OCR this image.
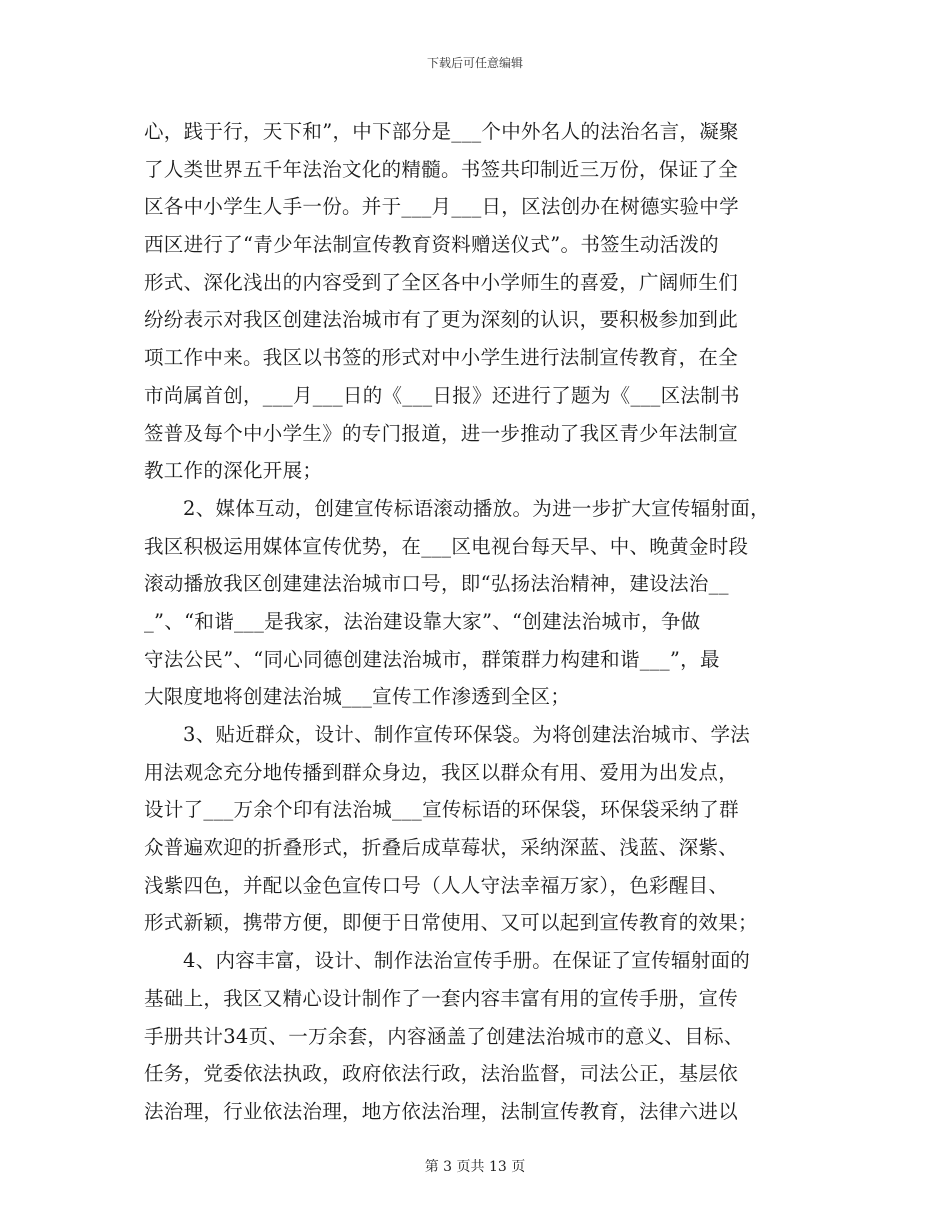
下载后可任意编辑
心，践于行，天下和”，中下部分是___个中外名人的法治名言，凝聚
了人类世界五千年法治文化的精髓。书签共印制近三万份，保证了全
区各中小学生人手一份。并于___月___日，区法创办在树德实验中学
西区进行了“青少年法制宣传教育资料赠送仪式”。书签生动活泼的
形式、深化浅出的内容受到了全区各中小学师生的喜爱，广阔师生们
纷纷表示对我区创建法治城市有了更为深刻的认识，要积极参加到此
项工作中来。我区以书签的形式对中小学生进行法制宣传教育，在全
市尚属首创，___月___日的《___日报》还进行了题为《___区法制书
签普及每个中小学生》的专门报道，进一步推动了我区青少年法制宣
教工作的深化开展；
2、媒体互动，创建宣传标语滚动播放。为进一步扩大宣传辐射面，
我区积极运用媒体宣传优势，在___区电视台每天早、中、晚黄金时段
滚动播放我区创建建法治城市口号，即“弘扬法治精神，建设法治__
_”、“和谐___是我家，法治建设靠大家”、“创建法治城市，争做
守法公民”、“同心同德创建法治城市，群策群力构建和谐___”，最
大限度地将创建法治城___宣传工作渗透到全区；
3、贴近群众，设计、制作宣传环保袋。为将创建法治城市、学法
用法观念充分地传播到群众身边，我区以群众有用、爱用为出发点，
设计了___万余个印有法治城___宣传标语的环保袋，环保袋采纳了群
众普遍欢迎的折叠形式，折叠后成草莓状，采纳深蓝、浅蓝、深紫、
浅紫四色，并配以金色宣传口号（人人守法幸福万家），色彩醒目、
形式新颖，携带方便，即便于日常使用、又可以起到宣传教育的效果；
4、内容丰富，设计、制作法治宣传手册。在保证了宣传辐射面的
基础上，我区又精心设计制作了一套内容丰富有用的宣传手册，宣传
手册共计34页、一万余套，内容涵盖了创建法治城市的意义、目标、
任务，党委依法执政，政府依法行政，法治监督，司法公正，基层依
法治理，行业依法治理，地方依法治理，法制宣传教育，法律六进以
第 3 页共 13 页
